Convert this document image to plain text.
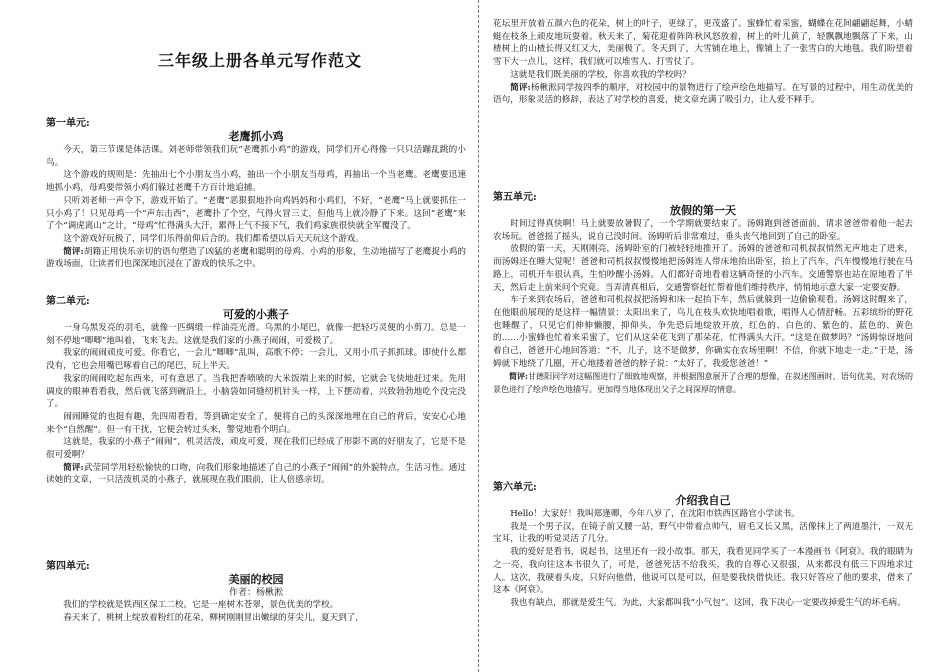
三年级上册各单元写作范文
第一单元:
老鹰抓小鸡

今天，第三节课是体活课。刘老师带领我们玩“老鹰抓小鸡”的游戏，同学们开心得像一只只活蹦乱跳的小鸟。

这个游戏的规则是：先抽出七个小朋友当小鸡，抽出一个小朋友当母鸡，再抽出一个当老鹰。老鹰要迅速地抓小鸡，母鸡要带领小鸡们躲过老鹰千方百计地追捕。

只听刘老师一声令下，游戏开始了。“老鹰”恶狠狠地扑向鸡妈妈和小鸡们，不好，“老鹰”马上就要抓住一只小鸡了！只见母鸡一个“声东击西”，老鹰扑了个空，气得火冒三丈，但他马上就冷静了下来。这回“老鹰”来了个“调虎离山”之计，“母鸡”忙得满头大汗，累得上气不接下气，我们鸡家族很快就全军覆没了。

这个游戏好玩极了，同学们乐得前仰后合的。我们都希望以后天天玩这个游戏。

简评:胡籍正用快乐亲切的语句塑造了凶猛的老鹰和聪明的母鸡、小鸡的形象，生动地描写了老鹰捉小鸡的游戏场面，让读者们也深深地沉浸在了游戏的快乐之中。

第二单元:
可爱的小燕子

一身乌黑发亮的羽毛，就像一匹绸缎一样油亮光滑。乌黑的小尾巴，就像一把轻巧灵便的小剪刀。总是一刻不停地“唧唧”地叫着，飞来飞去。这就是我们家的小燕子闹闹，可爱极了。

我家的闹闹顽皮可爱。你看它，一会儿“唧唧”乱叫，高歌不停；一会儿，又用小爪子抓抓球。即使什么都没有，它也会用嘴巴啄着自己的尾巴，玩上半天。

我家的闹闹吃起东西来，可有意思了。当我把香喷喷的大米饭端上来的时候，它就会飞快地赶过来。先用调皮的眼神看看我，然后就飞落到碗沿上，小脑袋如同缝纫机针头一样，上下摆动着，兴致勃勃地吃个没完没了。

闹闹睡觉的也挺有趣，先四周看看，等到确定安全了，便将自己的头深深地埋在自己的背后，安安心心地来个“自然醒”。但一有干扰，它便会转过头来，警觉地看个明白。

这就是，我家的小燕子“闹闹”，机灵活泼，顽皮可爱，现在我们已经成了形影不离的好朋友了，它是不是很可爱啊？

简评:武莹同学用轻松愉快的口吻，向我们形象地描述了自己的小燕子“闹闹”的外貌特点，生活习性。通过读她的文章，一只活泼机灵的小燕子，就展现在我们眼前，让人倍感亲切。

第四单元:
美丽的校园
作者：杨楸淞

我们的学校就是铁西区保工二校。它是一座树木苍翠，景色优美的学校。

春天来了，桃树上绽放着粉红的花朵，柳树刚刚冒出嫩绿的芽尖儿，夏天到了，

花坛里开放着五颜六色的花朵，树上的叶子，更绿了，更茂盛了。蜜蜂忙着采蜜，蝴蝶在花间翩翩起舞，小蜻蜓在枝条上顽皮地玩耍着。秋天来了，菊花迎着阵阵秋风怒放着，树上的叶儿黄了，轻飘飘地飘落了下来，山楂树上的山楂长得又红又大，美丽极了。冬天到了，大雪铺在地上，像铺上了一张雪白的大地毯。我们盼望着雪下大一点儿，这样，我们就可以堆雪人、打雪仗了。

这就是我们既美丽的学校，你喜欢我的学校吗？

简评:杨楸淞同学按四季的顺序，对校园中的景物进行了绘声绘色地描写。在写景的过程中，用生动优美的语句，形象灵活的修辞，表达了对学校的喜爱，使文章充满了吸引力，让人爱不释手。

第五单元:
放假的第一天

时间过得真快啊！马上就要放暑假了，一个学期就要结束了。汤姆跑到爸爸面前，请求爸爸带着他一起去农场玩。爸爸摇了摇头，说自己没时间。汤姆听后非常难过，垂头丧气地回到了自己的卧室。

放假的第一天，天刚刚亮，汤姆卧室的门被轻轻地推开了。汤姆的爸爸和司机叔叔悄然无声地走了进来，而汤姆还在睡大觉呢！爸爸和司机叔叔慢慢地把汤姆连人带床地抬出卧室，抬上了汽车，汽车慢慢地行驶在马路上，司机开车很认真，生怕吵醒小汤姆。人们都好奇地看着这辆奇怪的小汽车。交通警察也站在原地看了半天，然后走上前来问个究竟。当弄清真相后，交通警察赶忙帮着他们维持秩序，悄悄地示意大家一定要安静。

车子来到农场后，爸爸和司机叔叔把汤姆和床一起抬下车，然后就躲到一边偷偷观看。汤姆这时醒来了，在他眼前展现的是这样一幅情景：太阳出来了，鸟儿在枝头欢快地唱着歌，唱得人心情舒畅。五彩缤纷的野花也睡醒了，只见它们伸伸懒腰，抑仰头，争先恐后地绽放开放，红色的、白色的、紫色的、蓝色的、黄色的……小蜜蜂也忙着来采蜜了，它们从这朵花飞到了那朵花，忙得满头大汗。“这是在做梦吗？”汤姆惊讶地问着自己，爸爸开心地回答道：“不，儿子，这不是做梦，你确实在农场里啊！不信，你就下地走一走。”于是，汤姆就下地绕了几圈，开心地搂着爸爸的脖子说：“太好了，我爱您爸爸！”

简评:甘德阳同学对这幅图进行了细致地观察，并根据图意展开了合理的想像，在叙述图画时，语句优美，对农场的景色进行了绘声绘色地描写。更加得当地体现出父子之间深厚的情意。

第六单元:
介绍我自己

Hello！大家好！我叫郑逢卿，今年八岁了，在沈阳市铁西区路官小学读书。

我是一个男子汉，在镜子前又腰一站，野气中带着点帅气，眉毛又长又黑，活像抹上了两道墨汁，一双无宝耳，让我的听觉灵活了几分。

我的爱好是看书，说起书，这里还有一段小故事。那天，我看见同学买了一本漫画书《阿衰》。我的眼睛为之一亮，我向往这本书很久了，可是，爸爸死活不给我买，我的自尊心又很强，从来都没有低三下四地求过人。这次，我硬着头皮，只好向他借，他说可以是可以，但是要我快借快还。我只好答应了他的要求，借来了这本《阿衰》。

我也有缺点，那就是爱生气。为此，大家都叫我“小气包”。这回，我下决心一定要改掉爱生气的坏毛病。
